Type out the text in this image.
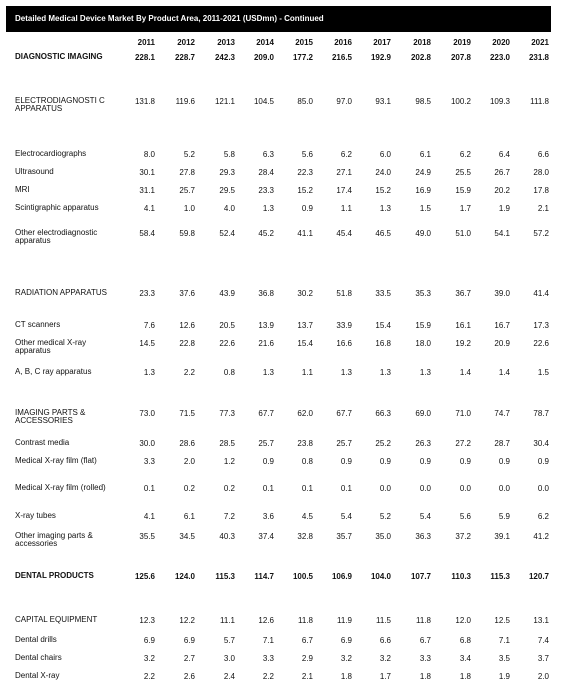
Detailed Medical Device Market By Product Area, 2011-2021 (USDmn) - Continued
	2011	2012	2013	2014	2015	2016	2017	2018	2019	2020	2021
DIAGNOSTIC IMAGING	228.1	228.7	242.3	209.0	177.2	216.5	192.9	202.8	207.8	223.0	231.8
ELECTRODIAGNOSTI C APPARATUS	131.8	119.6	121.1	104.5	85.0	97.0	93.1	98.5	100.2	109.3	111.8
Electrocardiographs	8.0	5.2	5.8	6.3	5.6	6.2	6.0	6.1	6.2	6.4	6.6
Ultrasound	30.1	27.8	29.3	28.4	22.3	27.1	24.0	24.9	25.5	26.7	28.0
MRI	31.1	25.7	29.5	23.3	15.2	17.4	15.2	16.9	15.9	20.2	17.8
Scintigraphic apparatus	4.1	1.0	4.0	1.3	0.9	1.1	1.3	1.5	1.7	1.9	2.1
Other electrodiagnostic apparatus	58.4	59.8	52.4	45.2	41.1	45.4	46.5	49.0	51.0	54.1	57.2
RADIATION APPARATUS	23.3	37.6	43.9	36.8	30.2	51.8	33.5	35.3	36.7	39.0	41.4
CT scanners	7.6	12.6	20.5	13.9	13.7	33.9	15.4	15.9	16.1	16.7	17.3
Other medical X-ray apparatus	14.5	22.8	22.6	21.6	15.4	16.6	16.8	18.0	19.2	20.9	22.6
A, B, C ray apparatus	1.3	2.2	0.8	1.3	1.1	1.3	1.3	1.3	1.4	1.4	1.5
IMAGING PARTS & ACCESSORIES	73.0	71.5	77.3	67.7	62.0	67.7	66.3	69.0	71.0	74.7	78.7
Contrast media	30.0	28.6	28.5	25.7	23.8	25.7	25.2	26.3	27.2	28.7	30.4
Medical X-ray film (flat)	3.3	2.0	1.2	0.9	0.8	0.9	0.9	0.9	0.9	0.9	0.9
Medical X-ray film (rolled)	0.1	0.2	0.2	0.1	0.1	0.1	0.0	0.0	0.0	0.0	0.0
X-ray tubes	4.1	6.1	7.2	3.6	4.5	5.4	5.2	5.4	5.6	5.9	6.2
Other imaging parts & accessories	35.5	34.5	40.3	37.4	32.8	35.7	35.0	36.3	37.2	39.1	41.2
DENTAL PRODUCTS	125.6	124.0	115.3	114.7	100.5	106.9	104.0	107.7	110.3	115.3	120.7
CAPITAL EQUIPMENT	12.3	12.2	11.1	12.6	11.8	11.9	11.5	11.8	12.0	12.5	13.1
Dental drills	6.9	6.9	5.7	7.1	6.7	6.9	6.6	6.7	6.8	7.1	7.4
Dental chairs	3.2	2.7	3.0	3.3	2.9	3.2	3.2	3.3	3.4	3.5	3.7
Dental X-ray	2.2	2.6	2.4	2.2	2.1	1.8	1.7	1.8	1.8	1.9	2.0
